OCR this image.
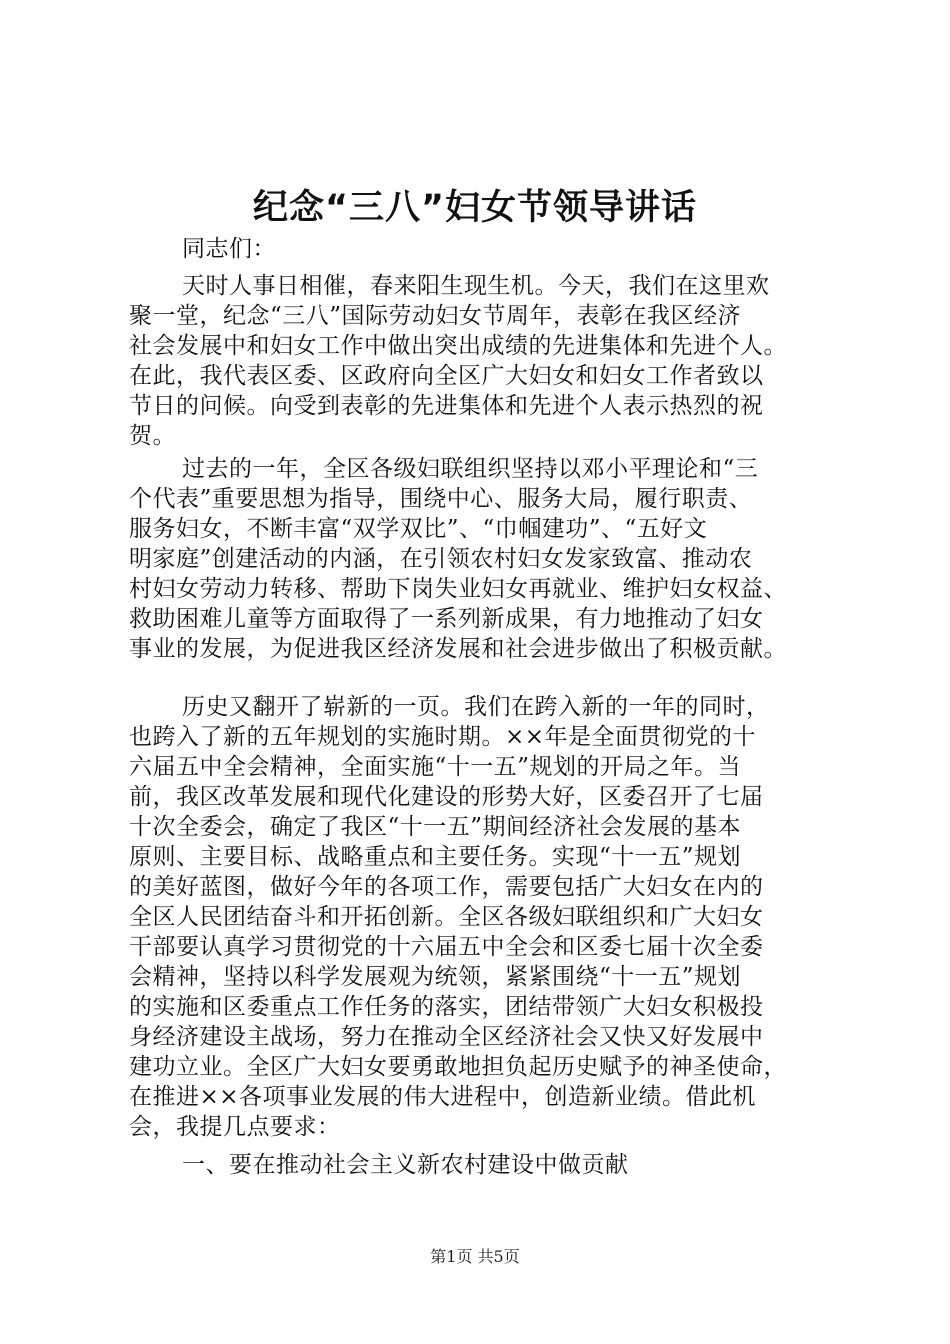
纪念“三八”妇女节领导讲话
同志们：
天时人事日相催，春来阳生现生机。今天，我们在这里欢
聚一堂，纪念“三八”国际劳动妇女节周年，表彰在我区经济
社会发展中和妇女工作中做出突出成绩的先进集体和先进个人。
在此，我代表区委、区政府向全区广大妇女和妇女工作者致以
节日的问候。向受到表彰的先进集体和先进个人表示热烈的祝
贺。
过去的一年，全区各级妇联组织坚持以邓小平理论和“三
个代表”重要思想为指导，围绕中心、服务大局，履行职责、
服务妇女，不断丰富“双学双比”、“巾帼建功”、“五好文
明家庭”创建活动的内涵，在引领农村妇女发家致富、推动农
村妇女劳动力转移、帮助下岗失业妇女再就业、维护妇女权益、
救助困难儿童等方面取得了一系列新成果，有力地推动了妇女
事业的发展，为促进我区经济发展和社会进步做出了积极贡献。
历史又翻开了崭新的一页。我们在跨入新的一年的同时，
也跨入了新的五年规划的实施时期。××年是全面贯彻党的十
六届五中全会精神，全面实施“十一五”规划的开局之年。当
前，我区改革发展和现代化建设的形势大好，区委召开了七届
十次全委会，确定了我区“十一五”期间经济社会发展的基本
原则、主要目标、战略重点和主要任务。实现“十一五”规划
的美好蓝图，做好今年的各项工作，需要包括广大妇女在内的
全区人民团结奋斗和开拓创新。全区各级妇联组织和广大妇女
干部要认真学习贯彻党的十六届五中全会和区委七届十次全委
会精神，坚持以科学发展观为统领，紧紧围绕“十一五”规划
的实施和区委重点工作任务的落实，团结带领广大妇女积极投
身经济建设主战场，努力在推动全区经济社会又快又好发展中
建功立业。全区广大妇女要勇敢地担负起历史赋予的神圣使命，
在推进××各项事业发展的伟大进程中，创造新业绩。借此机
会，我提几点要求：
一、要在推动社会主义新农村建设中做贡献
第1页 共5页
